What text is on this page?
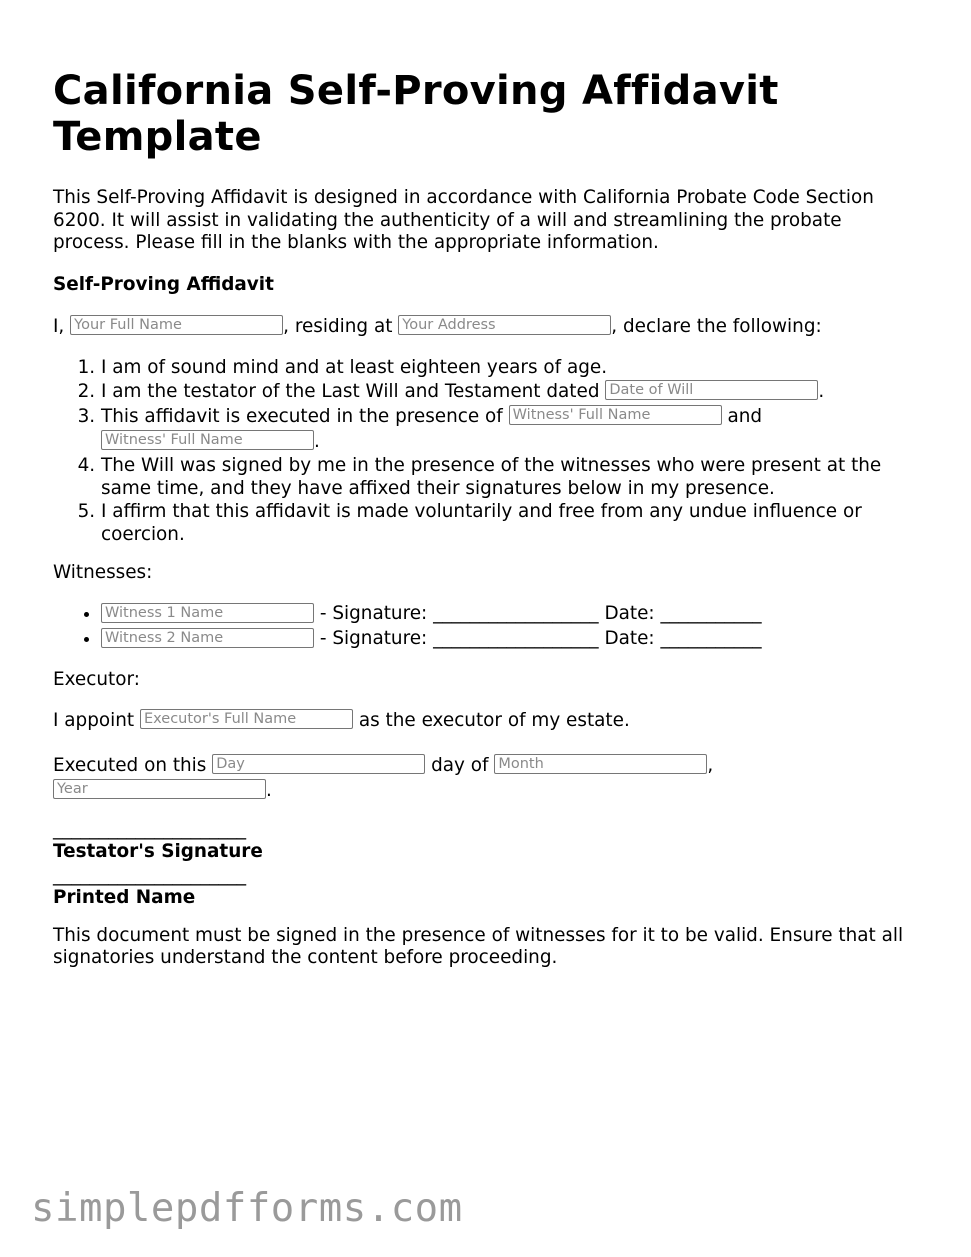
California Self-Proving Affidavit Template

This Self-Proving Affidavit is designed in accordance with California Probate Code Section 6200. It will assist in validating the authenticity of a will and streamlining the probate process. Please fill in the blanks with the appropriate information.

Self-Proving Affidavit

I, Your Full Name	, residing at Your Address	, declare the following:

1. I am of sound mind and at least eighteen years of age.
2. I am the testator of the Last Will and Testament dated Date of Will	.
3. This affidavit is executed in the presence of Witness' Full Name	and Witness' Full Name.
4. The Will was signed by me in the presence of the witnesses who were present at the same time, and they have affixed their signatures below in my presence.
5. I affirm that this affidavit is made voluntarily and free from any undue influence or coercion.

Witnesses:

Witness 1 Name • - Signature: __________________ Date: ___________
Witness 2 Name • - Signature: __________________ Date: ___________

Executor:

I appoint Executor's Full Name	as the executor of my estate.

Executed on this Day	day of Month	, Year.

_____________________

Testator's Signature

_____________________

Printed Name

This document must be signed in the presence of witnesses for it to be valid. Ensure that all signatories understand the content before proceeding.

simplepdfforms.com
